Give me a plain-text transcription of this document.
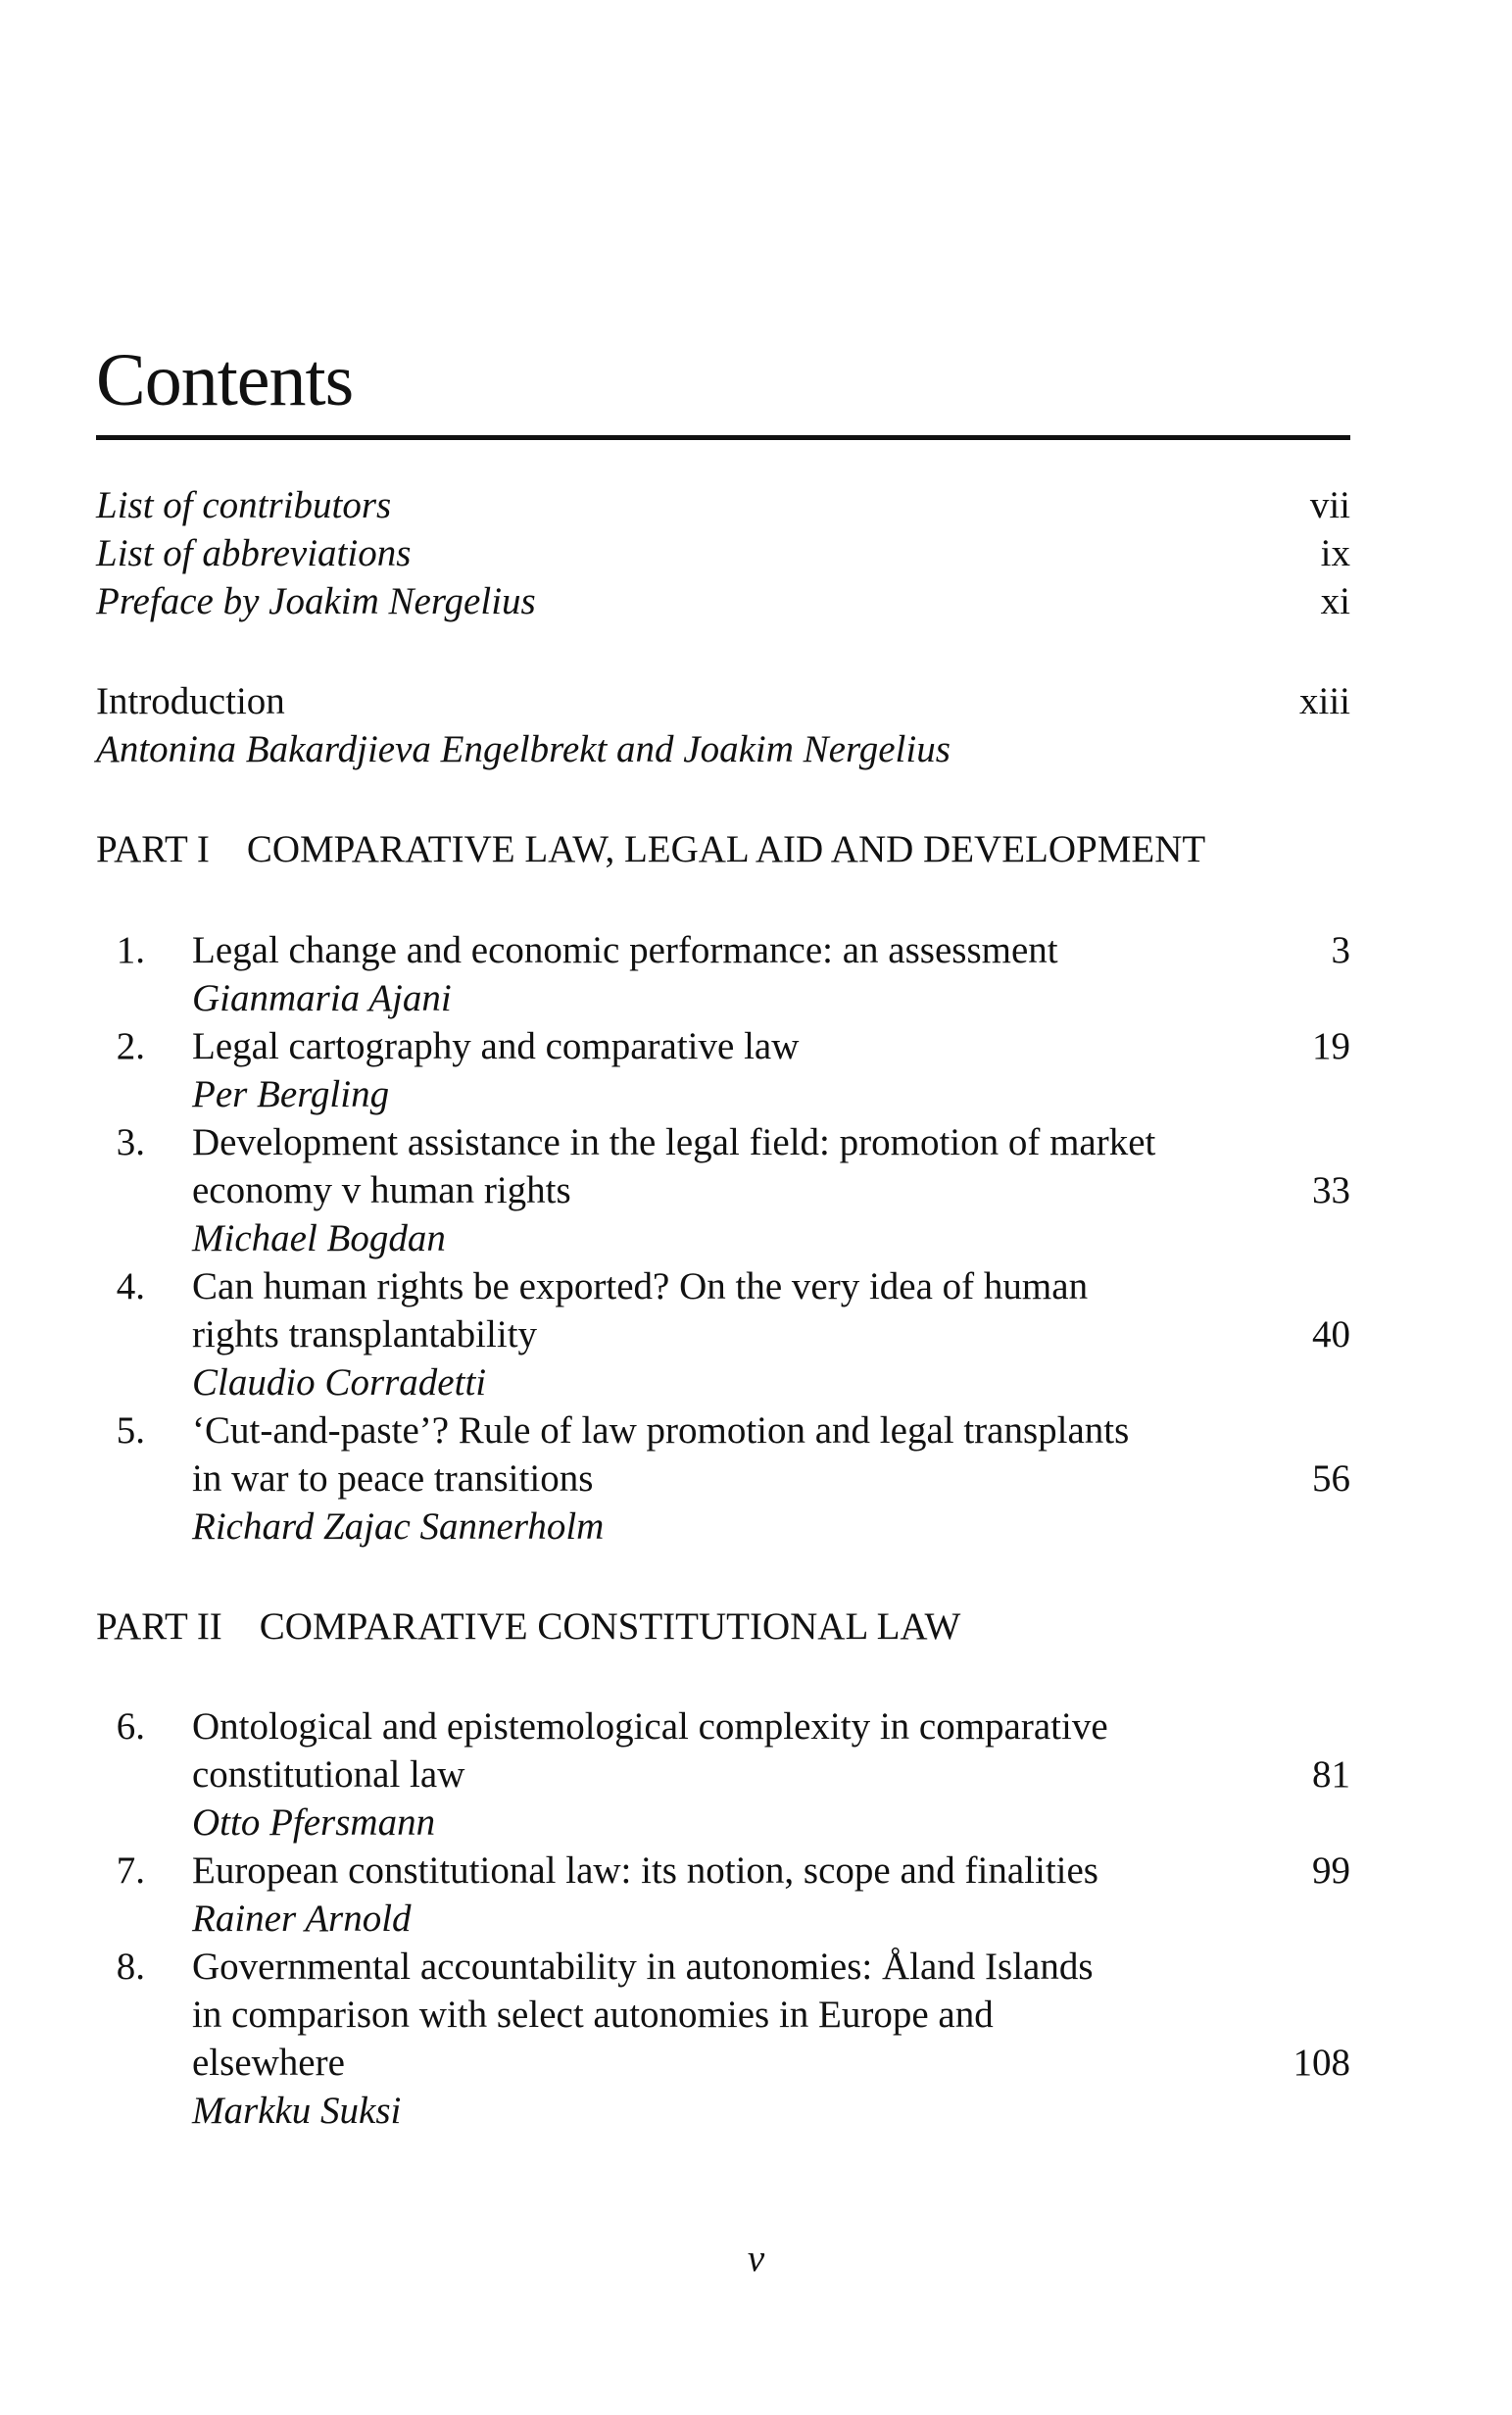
Contents
List of contributors	vii
List of abbreviations	ix
Preface by Joakim Nergelius	xi
Introduction	xiii
Antonina Bakardjieva Engelbrekt and Joakim Nergelius
PART I COMPARATIVE LAW, LEGAL AID AND DEVELOPMENT
1. Legal change and economic performance: an assessment	3
Gianmaria Ajani
2. Legal cartography and comparative law	19
Per Bergling
3. Development assistance in the legal field: promotion of market
economy v human rights	33
Michael Bogdan
4. Can human rights be exported? On the very idea of human
rights transplantability	40
Claudio Corradetti
5. ‘Cut-and-paste’? Rule of law promotion and legal transplants
in war to peace transitions	56
Richard Zajac Sannerholm
PART II COMPARATIVE CONSTITUTIONAL LAW
6. Ontological and epistemological complexity in comparative
constitutional law	81
Otto Pfersmann
7. European constitutional law: its notion, scope and finalities	99
Rainer Arnold
8. Governmental accountability in autonomies: Åland Islands
in comparison with select autonomies in Europe and
elsewhere	108
Markku Suksi
v
